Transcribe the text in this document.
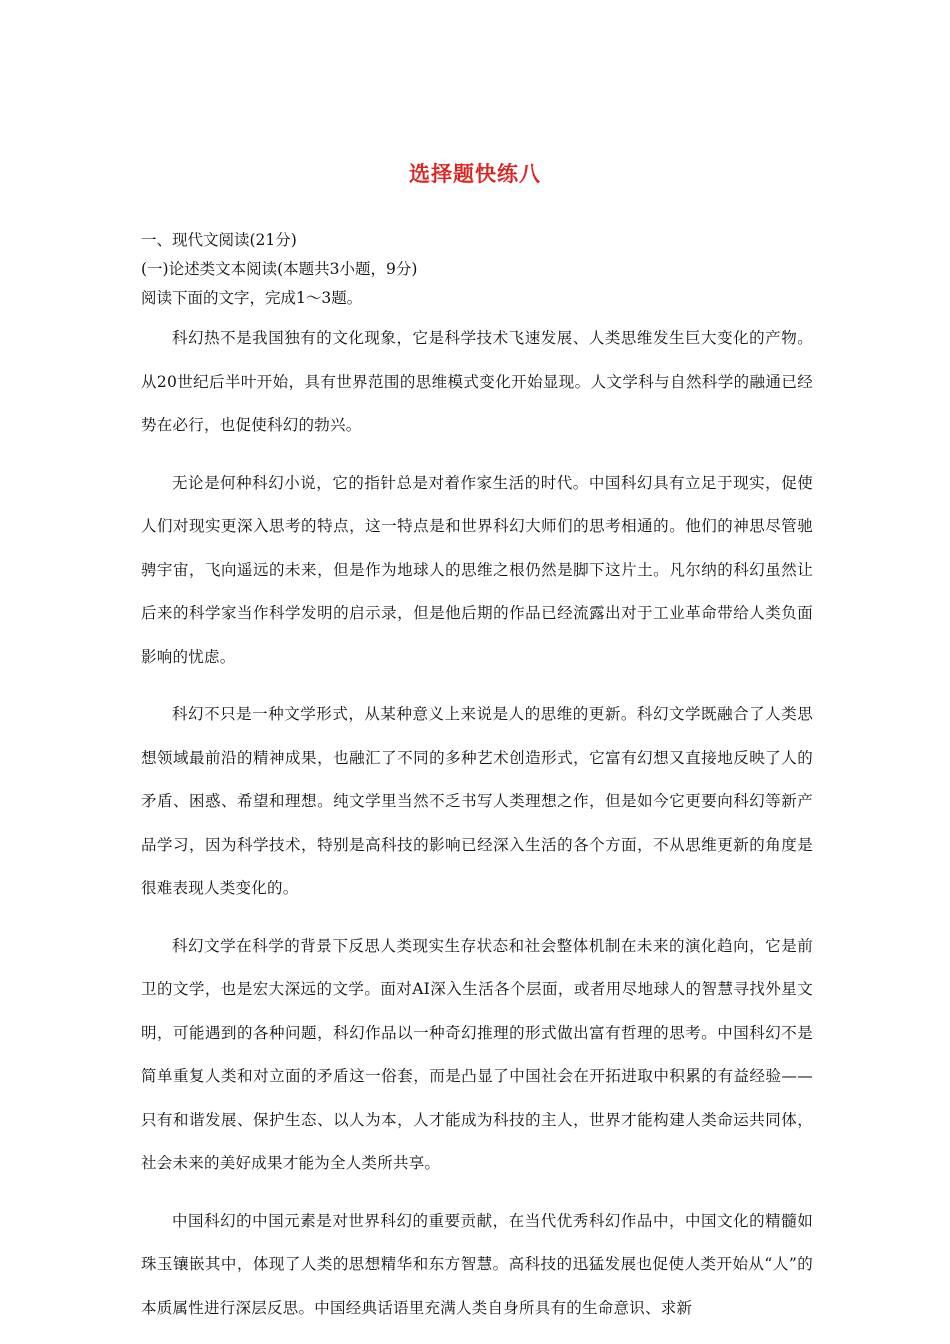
选择题快练八

一、现代文阅读(21分)

(一)论述类文本阅读(本题共3小题，9分)

阅读下面的文字，完成1～3题。

科幻热不是我国独有的文化现象，它是科学技术飞速发展、人类思维发生巨大变化的产物。从20世纪后半叶开始，具有世界范围的思维模式变化开始显现。人文学科与自然科学的融通已经势在必行，也促使科幻的勃兴。

无论是何种科幻小说，它的指针总是对着作家生活的时代。中国科幻具有立足于现实，促使人们对现实更深入思考的特点，这一特点是和世界科幻大师们的思考相通的。他们的神思尽管驰骋宇宙，飞向遥远的未来，但是作为地球人的思维之根仍然是脚下这片土。凡尔纳的科幻虽然让后来的科学家当作科学发明的启示录，但是他后期的作品已经流露出对于工业革命带给人类负面影响的忧虑。

科幻不只是一种文学形式，从某种意义上来说是人的思维的更新。科幻文学既融合了人类思想领域最前沿的精神成果，也融汇了不同的多种艺术创造形式，它富有幻想又直接地反映了人的矛盾、困惑、希望和理想。纯文学里当然不乏书写人类理想之作，但是如今它更要向科幻等新产品学习，因为科学技术，特别是高科技的影响已经深入生活的各个方面，不从思维更新的角度是很难表现人类变化的。

科幻文学在科学的背景下反思人类现实生存状态和社会整体机制在未来的演化趋向，它是前卫的文学，也是宏大深远的文学。面对AI深入生活各个层面，或者用尽地球人的智慧寻找外星文明，可能遇到的各种问题，科幻作品以一种奇幻推理的形式做出富有哲理的思考。中国科幻不是简单重复人类和对立面的矛盾这一俗套，而是凸显了中国社会在开拓进取中积累的有益经验——只有和谐发展、保护生态、以人为本，人才能成为科技的主人，世界才能构建人类命运共同体，社会未来的美好成果才能为全人类所共享。

中国科幻的中国元素是对世界科幻的重要贡献，在当代优秀科幻作品中，中国文化的精髓如珠玉镶嵌其中，体现了人类的思想精华和东方智慧。高科技的迅猛发展也促使人类开始从“人”的本质属性进行深层反思。中国经典话语里充满人类自身所具有的生命意识、求新
